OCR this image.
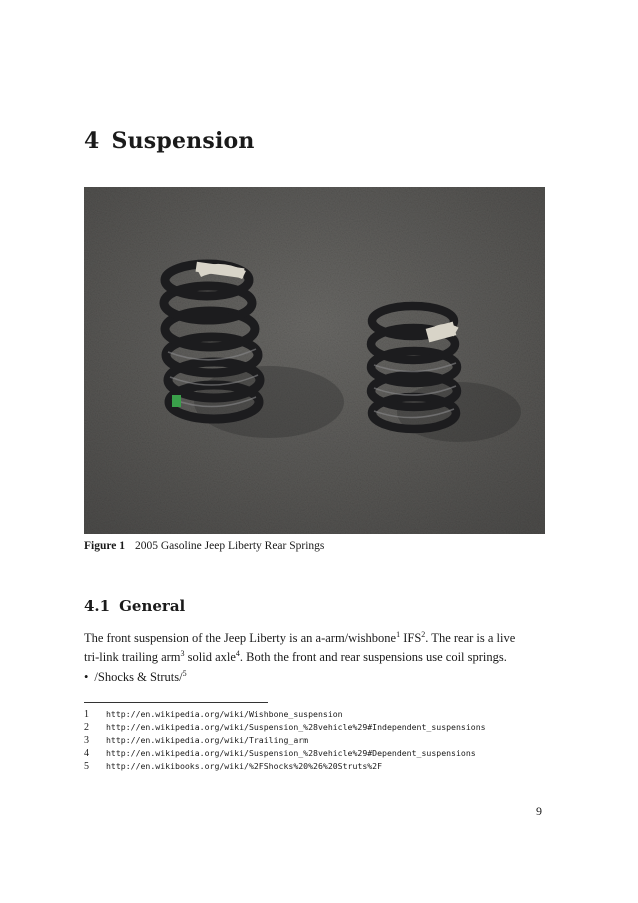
4 Suspension
Figure 1 2005 Gasoline Jeep Liberty Rear Springs
4.1 General
The front suspension of the Jeep Liberty is an a-arm/wishbone$^1$ IFS$^2$. The rear is a live
tri-link trailing arm$^3$ solid axle$^4$. Both the front and rear suspensions use coil springs.
• /Shocks & Struts/$^5$
1 http://en.wikipedia.org/wiki/Wishbone_suspension
2 http://en.wikipedia.org/wiki/Suspension_%28vehicle%29#Independent_suspensions
3 http://en.wikipedia.org/wiki/Trailing_arm
4 http://en.wikipedia.org/wiki/Suspension_%28vehicle%29#Dependent_suspensions
5 http://en.wikibooks.org/wiki/%2FShocks%20%26%20Struts%2F
9
